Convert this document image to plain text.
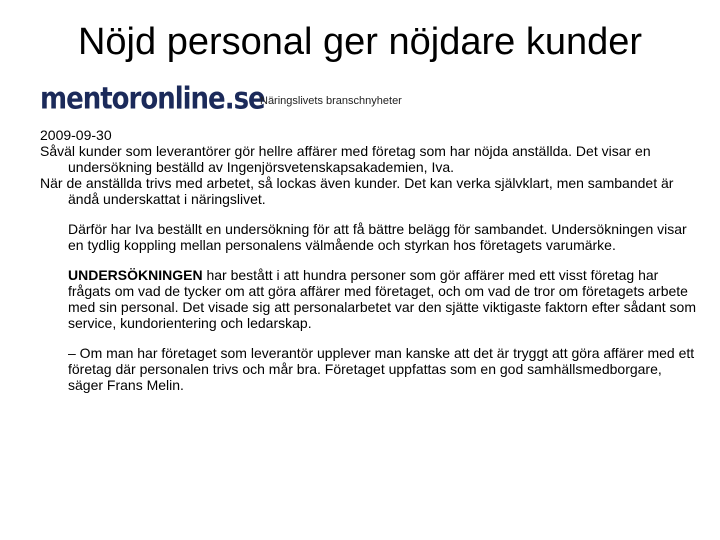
Nöjd personal ger nöjdare kunder
mentoronline.se
Näringslivets branschnyheter

2009-09-30

Såväl kunder som leverantörer gör hellre affärer med företag som har nöjda anställda. Det visar en undersökning beställd av Ingenjörsvetenskapsakademien, Iva.

När de anställda trivs med arbetet, så lockas även kunder. Det kan verka självklart, men sambandet är ändå underskattat i näringslivet.

Därför har Iva beställt en undersökning för att få bättre belägg för sambandet. Undersökningen visar en tydlig koppling mellan personalens välmående och styrkan hos företagets varumärke.

UNDERSÖKNINGEN har bestått i att hundra personer som gör affärer med ett visst företag har frågats om vad de tycker om att göra affärer med företaget, och om vad de tror om företagets arbete med sin personal. Det visade sig att personalarbetet var den sjätte viktigaste faktorn efter sådant som service, kundorientering och ledarskap.

– Om man har företaget som leverantör upplever man kanske att det är tryggt att göra affärer med ett företag där personalen trivs och mår bra. Företaget uppfattas som en god samhällsmedborgare, säger Frans Melin.
